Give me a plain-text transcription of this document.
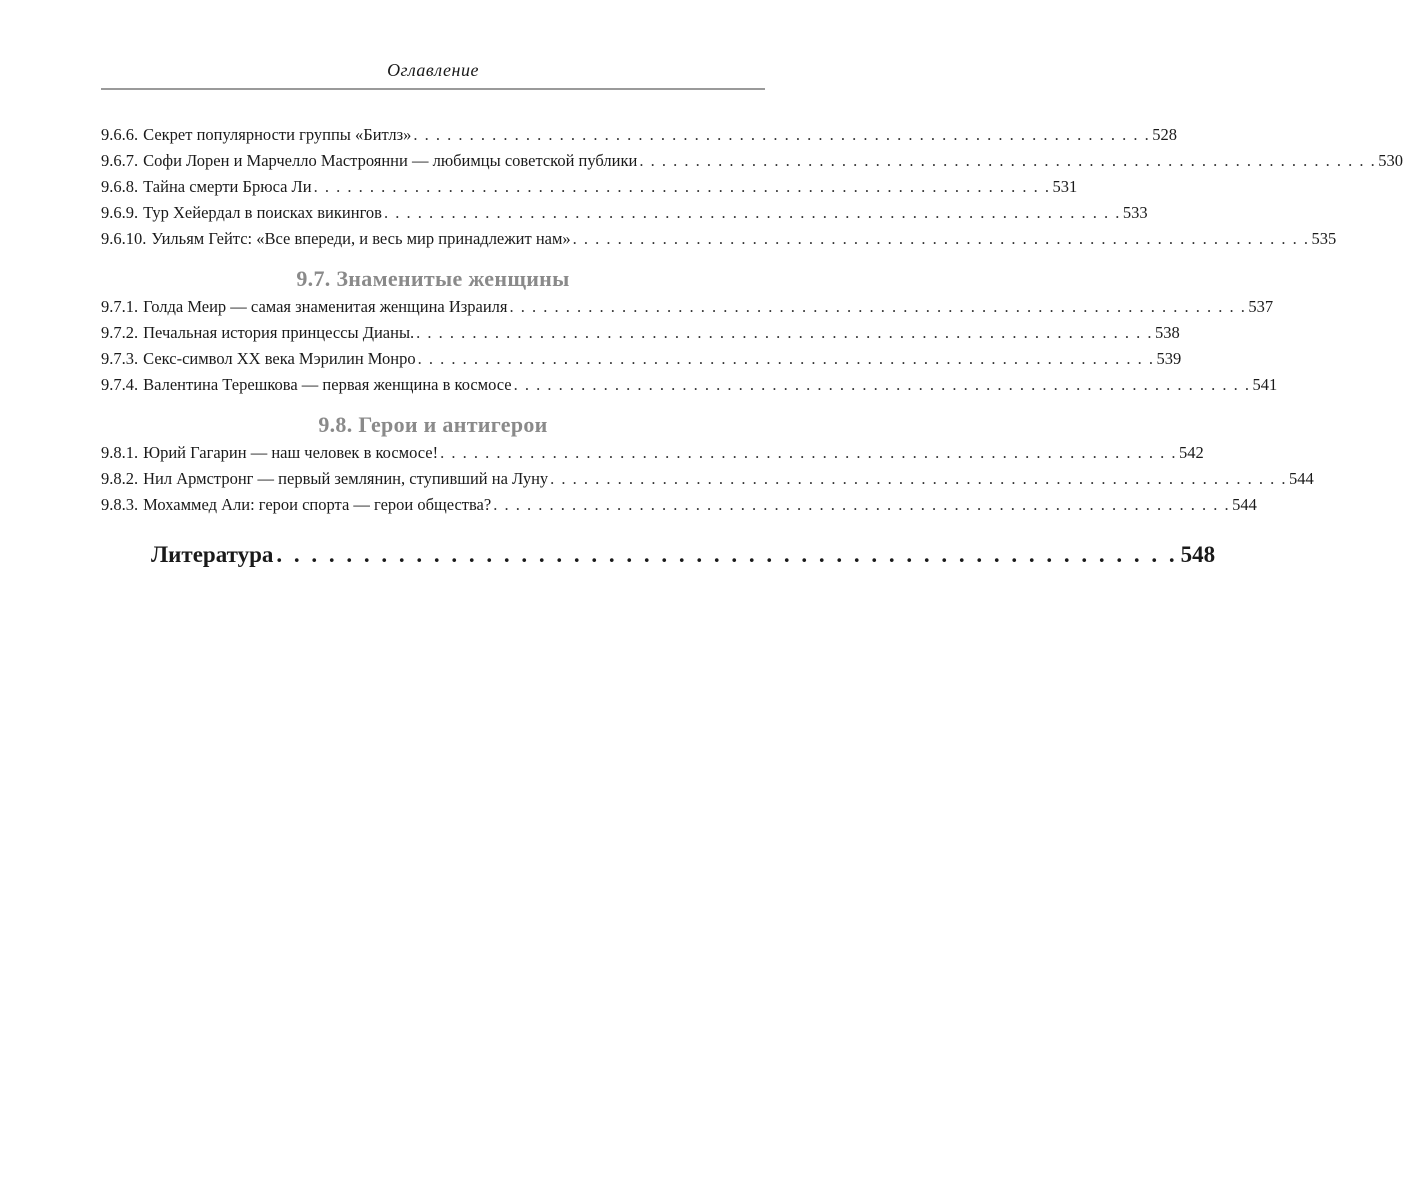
Оглавление
9.6.6. Секрет популярности группы «Битлз» . . . . . . . . . . . . . . . . . . . . . . . . . . . . . . . . . . . . . . . . . . . . . . . . . . . . . . . . . . . . . . . . . . 528
9.6.7. Софи Лорен и Марчелло Мастроянни — любимцы советской публики . . . . . . . . . . . . . . . . . . . . . . . . . . . . . . . . . . . . . . . . . . . . . . . . . . . . . . . . . . . . . . . . . . 530
9.6.8. Тайна смерти Брюса Ли . . . . . . . . . . . . . . . . . . . . . . . . . . . . . . . . . . . . . . . . . . . . . . . . . . . . . . . . . . . . . . . . . . 531
9.6.9. Тур Хейердал в поисках викингов . . . . . . . . . . . . . . . . . . . . . . . . . . . . . . . . . . . . . . . . . . . . . . . . . . . . . . . . . . . . . . . . . . 533
9.6.10. Уильям Гейтс: «Все впереди, и весь мир принадлежит нам» . . . . . . . . . . . . . . . . . . . . . . . . . . . . . . . . . . . . . . . . . . . . . . . . . . . . . . . . . . . . . . . . . . 535
9.7. Знаменитые женщины
9.7.1. Голда Меир — самая знаменитая женщина Израиля . . . . . . . . . . . . . . . . . . . . . . . . . . . . . . . . . . . . . . . . . . . . . . . . . . . . . . . . . . . . . . . . . . 537
9.7.2. Печальная история принцессы Дианы. . . . . . . . . . . . . . . . . . . . . . . . . . . . . . . . . . . . . . . . . . . . . . . . . . . . . . . . . . . . . . . . . . . 538
9.7.3. Секс-символ XX века Мэрилин Монро . . . . . . . . . . . . . . . . . . . . . . . . . . . . . . . . . . . . . . . . . . . . . . . . . . . . . . . . . . . . . . . . . . 539
9.7.4. Валентина Терешкова — первая женщина в космосе . . . . . . . . . . . . . . . . . . . . . . . . . . . . . . . . . . . . . . . . . . . . . . . . . . . . . . . . . . . . . . . . . . 541
9.8. Герои и антигерои
9.8.1. Юрий Гагарин — наш человек в космосе! . . . . . . . . . . . . . . . . . . . . . . . . . . . . . . . . . . . . . . . . . . . . . . . . . . . . . . . . . . . . . . . . . . 542
9.8.2. Нил Армстронг — первый землянин, ступивший на Луну . . . . . . . . . . . . . . . . . . . . . . . . . . . . . . . . . . . . . . . . . . . . . . . . . . . . . . . . . . . . . . . . . . 544
9.8.3. Мохаммед Али: герои спорта — герои общества? . . . . . . . . . . . . . . . . . . . . . . . . . . . . . . . . . . . . . . . . . . . . . . . . . . . . . . . . . . . . . . . . . . 544
Литература . . . . . . . . . . . . . . . . . . . . . . . . . . . . . . . . . . . . . . . . . . . . . . . . . . . . 548
